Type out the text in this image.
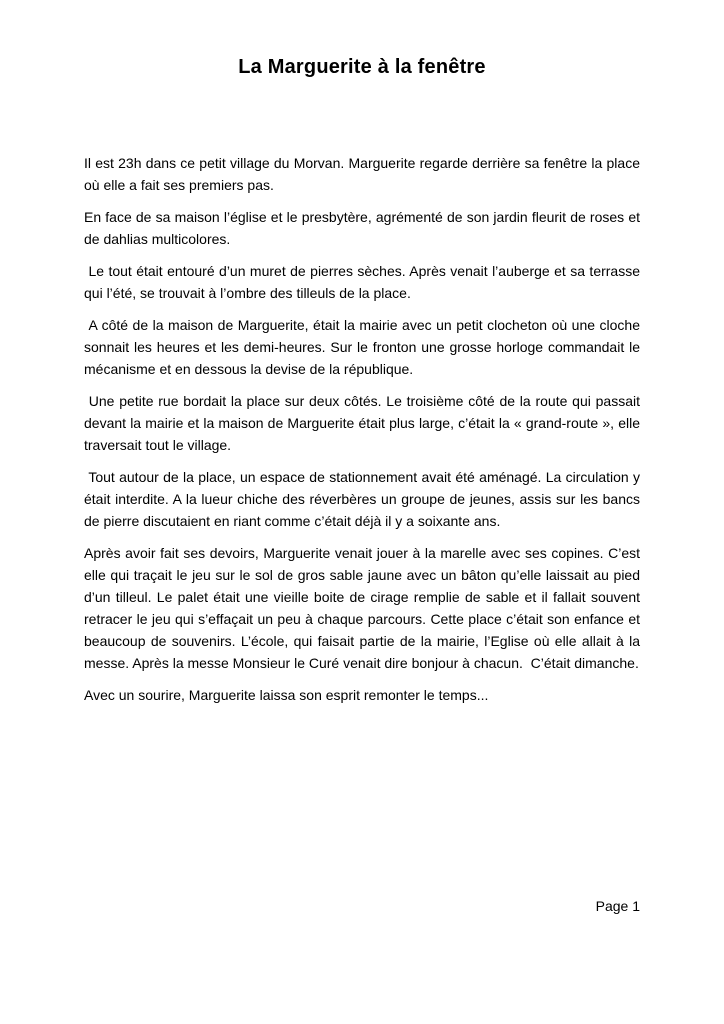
La Marguerite à la fenêtre

Il est 23h dans ce petit village du Morvan. Marguerite regarde derrière sa fenêtre la place où elle a fait ses premiers pas.

En face de sa maison l’église et le presbytère, agrémenté de son jardin fleurit de roses et de dahlias multicolores.

Le tout était entouré d’un muret de pierres sèches. Après venait l’auberge et sa terrasse qui l’été, se trouvait à l’ombre des tilleuls de la place.

A côté de la maison de Marguerite, était la mairie avec un petit clocheton où une cloche sonnait les heures et les demi-heures. Sur le fronton une grosse horloge commandait le mécanisme et en dessous la devise de la république.

Une petite rue bordait la place sur deux côtés. Le troisième côté de la route qui passait devant la mairie et la maison de Marguerite était plus large, c’était la « grand-route », elle traversait tout le village.

Tout autour de la place, un espace de stationnement avait été aménagé. La circulation y était interdite. A la lueur chiche des réverbères un groupe de jeunes, assis sur les bancs de pierre discutaient en riant comme c’était déjà il y a soixante ans.

Après avoir fait ses devoirs, Marguerite venait jouer à la marelle avec ses copines. C’est elle qui traçait le jeu sur le sol de gros sable jaune avec un bâton qu’elle laissait au pied d’un tilleul. Le palet était une vieille boite de cirage remplie de sable et il fallait souvent retracer le jeu qui s’effaçait un peu à chaque parcours. Cette place c’était son enfance et beaucoup de souvenirs. L’école, qui faisait partie de la mairie, l’Eglise où elle allait à la messe. Après la messe Monsieur le Curé venait dire bonjour à chacun.  C’était dimanche.

Avec un sourire, Marguerite laissa son esprit remonter le temps...

Page 1
